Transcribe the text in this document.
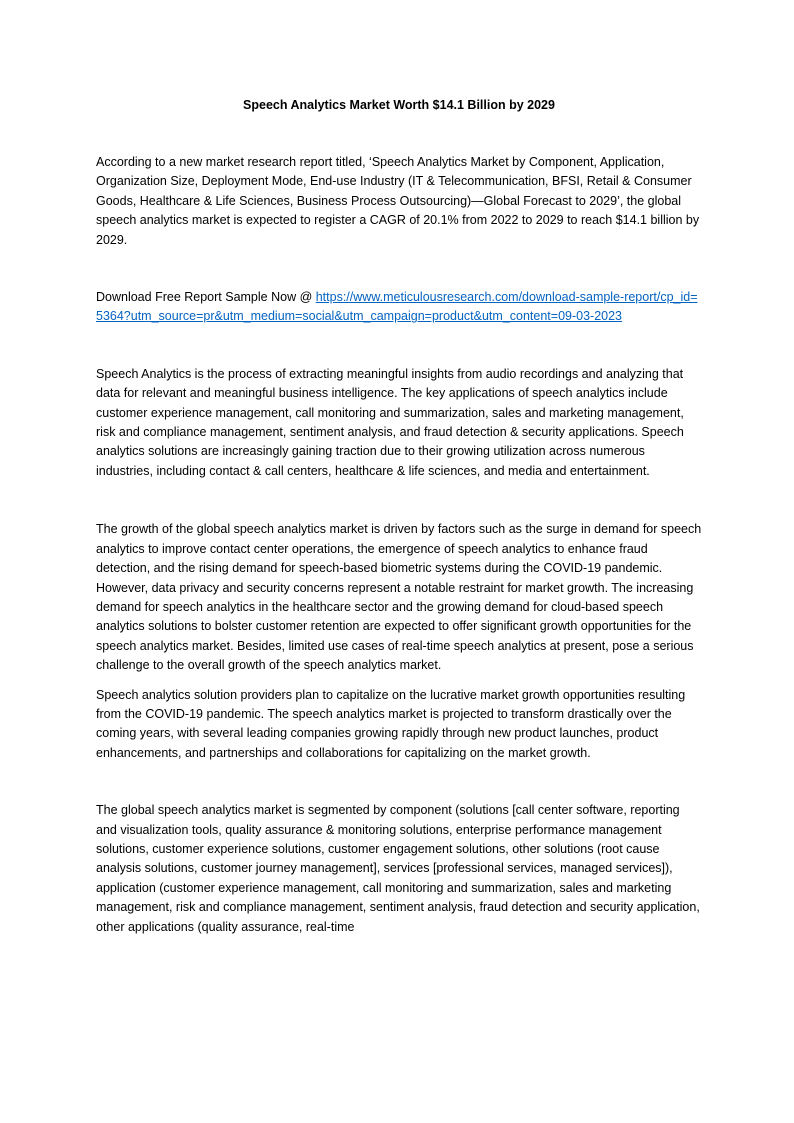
Speech Analytics Market Worth $14.1 Billion by 2029

According to a new market research report titled, ‘Speech Analytics Market by Component, Application, Organization Size, Deployment Mode, End-use Industry (IT & Telecommunication, BFSI, Retail & Consumer Goods, Healthcare & Life Sciences, Business Process Outsourcing)—Global Forecast to 2029’, the global speech analytics market is expected to register a CAGR of 20.1% from 2022 to 2029 to reach $14.1 billion by 2029.

Download Free Report Sample Now @ https://www.meticulousresearch.com/download-sample-report/cp_id=5364?utm_source=pr&utm_medium=social&utm_campaign=product&utm_content=09-03-2023

Speech Analytics is the process of extracting meaningful insights from audio recordings and analyzing that data for relevant and meaningful business intelligence. The key applications of speech analytics include customer experience management, call monitoring and summarization, sales and marketing management, risk and compliance management, sentiment analysis, and fraud detection & security applications. Speech analytics solutions are increasingly gaining traction due to their growing utilization across numerous industries, including contact & call centers, healthcare & life sciences, and media and entertainment.

The growth of the global speech analytics market is driven by factors such as the surge in demand for speech analytics to improve contact center operations, the emergence of speech analytics to enhance fraud detection, and the rising demand for speech-based biometric systems during the COVID-19 pandemic. However, data privacy and security concerns represent a notable restraint for market growth. The increasing demand for speech analytics in the healthcare sector and the growing demand for cloud-based speech analytics solutions to bolster customer retention are expected to offer significant growth opportunities for the speech analytics market. Besides, limited use cases of real-time speech analytics at present, pose a serious challenge to the overall growth of the speech analytics market.

Speech analytics solution providers plan to capitalize on the lucrative market growth opportunities resulting from the COVID-19 pandemic. The speech analytics market is projected to transform drastically over the coming years, with several leading companies growing rapidly through new product launches, product enhancements, and partnerships and collaborations for capitalizing on the market growth.

The global speech analytics market is segmented by component (solutions [call center software, reporting and visualization tools, quality assurance & monitoring solutions, enterprise performance management solutions, customer experience solutions, customer engagement solutions, other solutions (root cause analysis solutions, customer journey management], services [professional services, managed services]), application (customer experience management, call monitoring and summarization, sales and marketing management, risk and compliance management, sentiment analysis, fraud detection and security application, other applications (quality assurance, real-time
